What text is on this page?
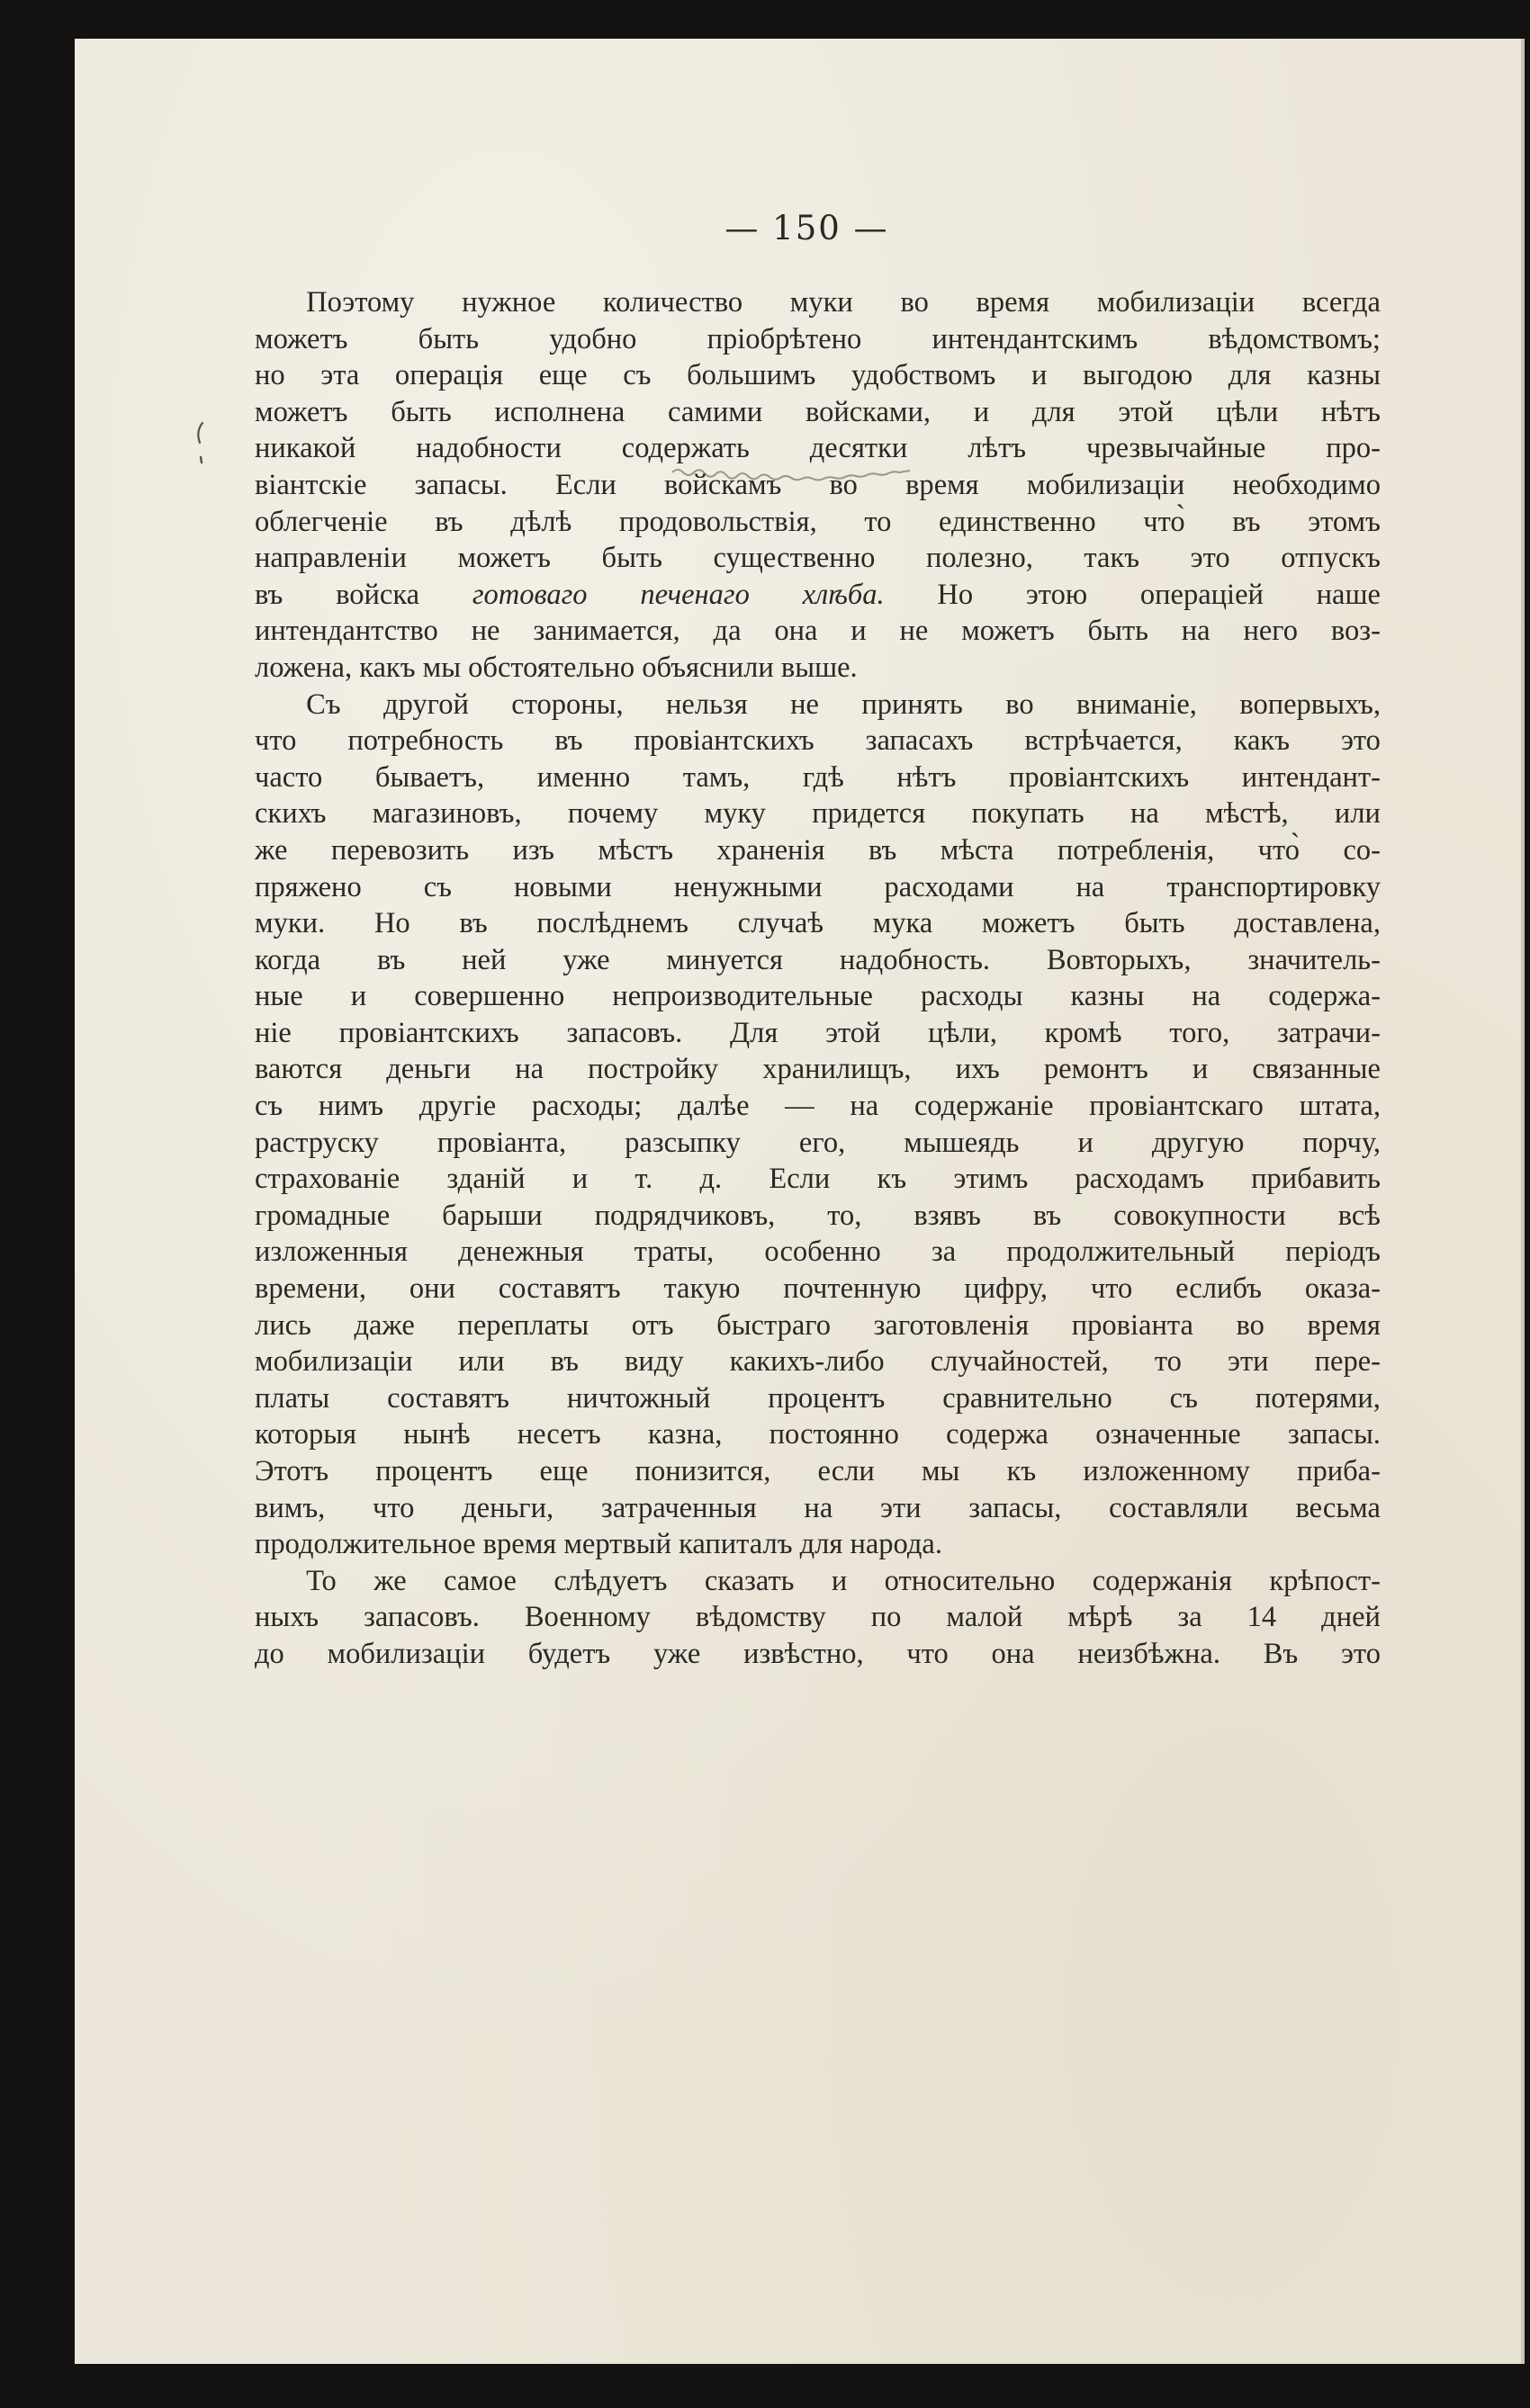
— 150 —
Поэтому нужное количество муки во время мобилизаціи всегда
можетъ быть удобно пріобрѣтено интендантскимъ вѣдомствомъ;
но эта операція еще съ большимъ удобствомъ и выгодою для казны
можетъ быть исполнена самими войсками, и для этой цѣли нѣтъ
никакой надобности содержать десятки лѣтъ чрезвычайные про-
віантскіе запасы. Если войскамъ во время мобилизаціи необходимо
облегченіе въ дѣлѣ продовольствія, то единственно что̀ въ этомъ
направленіи можетъ быть существенно полезно, такъ это отпускъ
въ войска готоваго печенаго хлѣба. Но этою операціей наше
интендантство не занимается, да она и не можетъ быть на него воз-
ложена, какъ мы обстоятельно объяснили выше.
Съ другой стороны, нельзя не принять во вниманіе, вопервыхъ,
что потребность въ провіантскихъ запасахъ встрѣчается, какъ это
часто бываетъ, именно тамъ, гдѣ нѣтъ провіантскихъ интендант-
скихъ магазиновъ, почему муку придется покупать на мѣстѣ, или
же перевозить изъ мѣстъ храненія въ мѣста потребленія, что̀ со-
пряжено съ новыми ненужными расходами на транспортировку
муки. Но въ послѣднемъ случаѣ мука можетъ быть доставлена,
когда въ ней уже минуется надобность. Вовторыхъ, значитель-
ные и совершенно непроизводительные расходы казны на содержа-
ніе провіантскихъ запасовъ. Для этой цѣли, кромѣ того, затрачи-
ваются деньги на постройку хранилищъ, ихъ ремонтъ и связанные
съ нимъ другіе расходы; далѣе — на содержаніе провіантскаго штата,
раструску провіанта, разсыпку его, мышеядь и другую порчу,
страхованіе зданій и т. д. Если къ этимъ расходамъ прибавить
громадные барыши подрядчиковъ, то, взявъ въ совокупности всѣ
изложенныя денежныя траты, особенно за продолжительный періодъ
времени, они составятъ такую почтенную цифру, что еслибъ оказа-
лись даже переплаты отъ быстраго заготовленія провіанта во время
мобилизаціи или въ виду какихъ-либо случайностей, то эти пере-
платы составятъ ничтожный процентъ сравнительно съ потерями,
которыя нынѣ несетъ казна, постоянно содержа означенные запасы.
Этотъ процентъ еще понизится, если мы къ изложенному приба-
вимъ, что деньги, затраченныя на эти запасы, составляли весьма
продолжительное время мертвый капиталъ для народа.
То же самое слѣдуетъ сказать и относительно содержанія крѣпост-
ныхъ запасовъ. Военному вѣдомству по малой мѣрѣ за 14 дней
до мобилизаціи будетъ уже извѣстно, что она неизбѣжна. Въ это
